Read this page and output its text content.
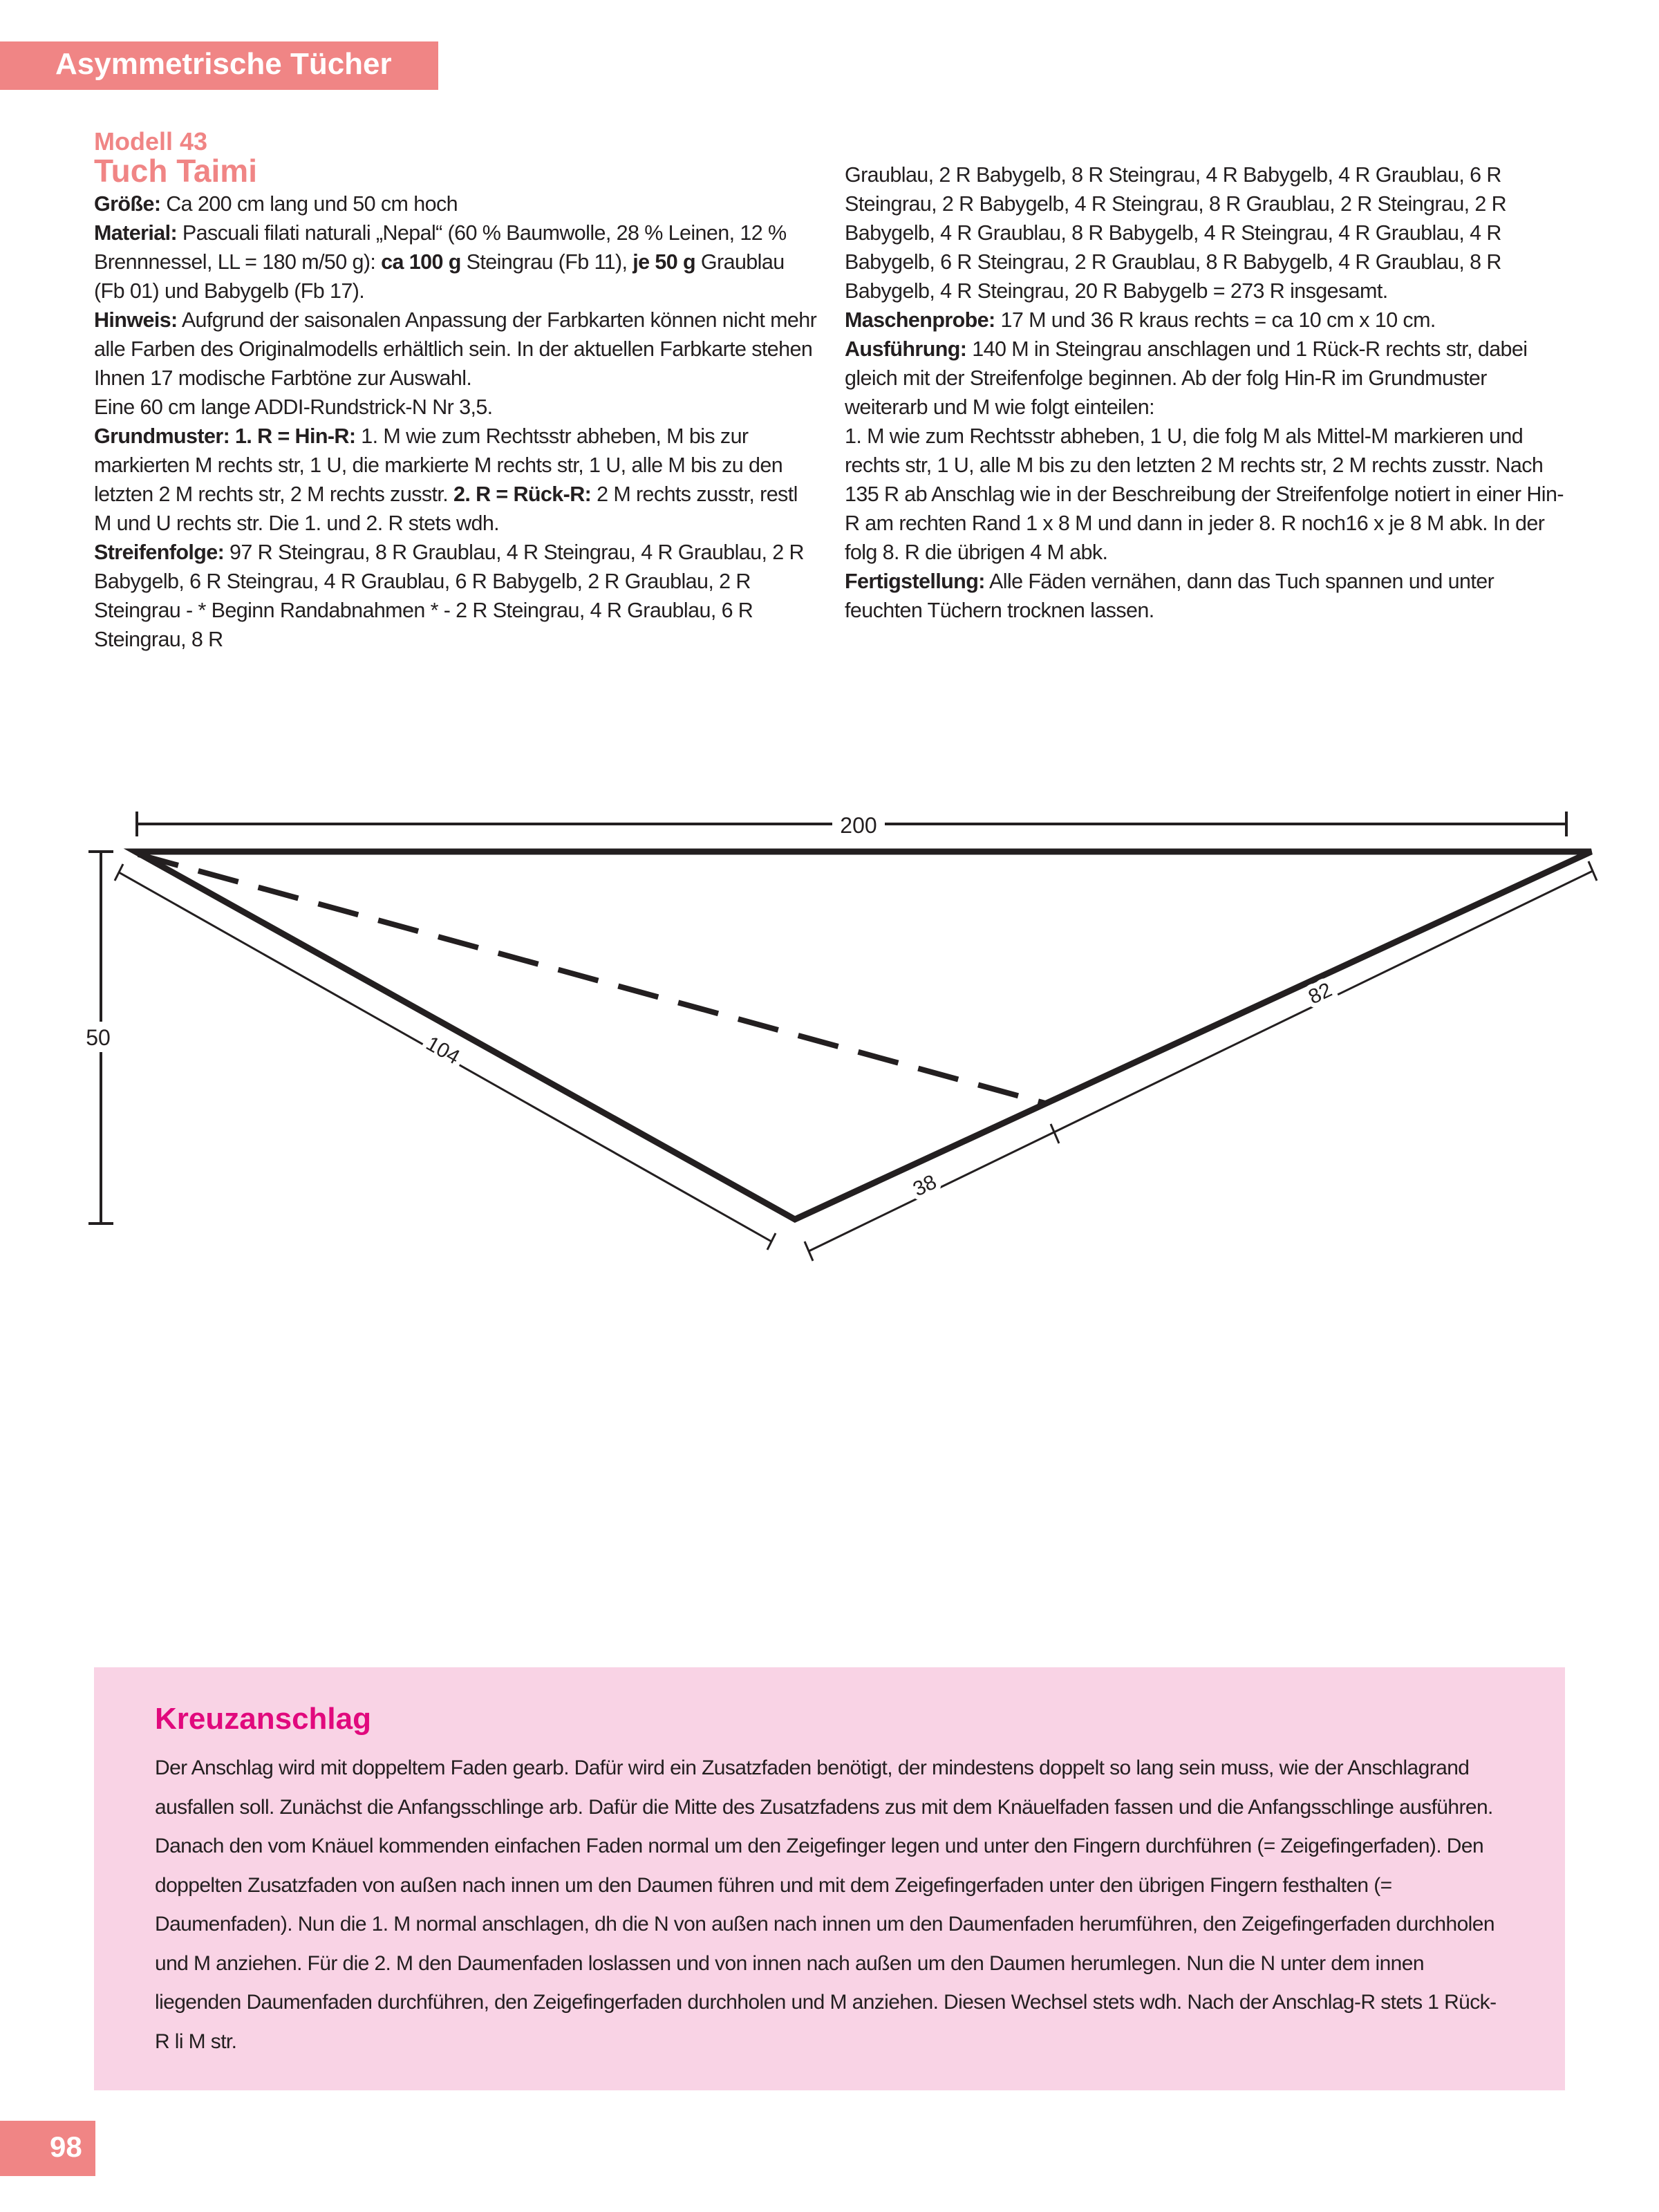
Asymmetrische Tücher

Modell 43

Tuch Taimi

Größe: Ca 200 cm lang und 50 cm hoch

Material: Pascuali filati naturali „Nepal“ (60 % Baumwolle, 28 % Leinen, 12 % Brennnessel, LL = 180 m/50 g): ca 100 g Steingrau (Fb 11), je 50 g Graublau (Fb 01) und Babygelb (Fb 17).

Hinweis: Aufgrund der saisonalen Anpassung der Farbkarten können nicht mehr alle Farben des Originalmodells erhältlich sein. In der aktuellen Farbkarte stehen Ihnen 17 modische Farbtöne zur Auswahl.

Eine 60 cm lange ADDI-Rundstrick-N Nr 3,5.

Grundmuster: 1. R = Hin-R: 1. M wie zum Rechtsstr abheben, M bis zur markierten M rechts str, 1 U, die markierte M rechts str, 1 U, alle M bis zu den letzten 2 M rechts str, 2 M rechts zusstr. 2. R = Rück-R: 2 M rechts zusstr, restl M und U rechts str. Die 1. und 2. R stets wdh.

Streifenfolge: 97 R Steingrau, 8 R Graublau, 4 R Steingrau, 4 R Graublau, 2 R Babygelb, 6 R Steingrau, 4 R Graublau, 6 R Babygelb, 2 R Graublau, 2 R Steingrau - * Beginn Randabnahmen * - 2 R Steingrau, 4 R Graublau, 6 R Steingrau, 8 R

Graublau, 2 R Babygelb, 8 R Steingrau, 4 R Babygelb, 4 R Graublau, 6 R Steingrau, 2 R Babygelb, 4 R Steingrau, 8 R Graublau, 2 R Steingrau, 2 R Babygelb, 4 R Graublau, 8 R Babygelb, 4 R Steingrau, 4 R Graublau, 4 R Babygelb, 6 R Steingrau, 2 R Graublau, 8 R Babygelb, 4 R Graublau, 8 R Babygelb, 4 R Steingrau, 20 R Babygelb = 273 R insgesamt.

Maschenprobe: 17 M und 36 R kraus rechts = ca 10 cm x 10 cm.

Ausführung: 140 M in Steingrau anschlagen und 1 Rück-R rechts str, dabei gleich mit der Streifenfolge beginnen. Ab der folg Hin-R im Grundmuster weiterarb und M wie folgt einteilen:

1. M wie zum Rechtsstr abheben, 1 U, die folg M als Mittel-M markieren und rechts str, 1 U, alle M bis zu den letzten 2 M rechts str, 2 M rechts zusstr. Nach 135 R ab Anschlag wie in der Beschreibung der Streifenfolge notiert in einer Hin-R am rechten Rand 1 x 8 M und dann in jeder 8. R noch16 x je 8 M abk. In der folg 8. R die übrigen 4 M abk.

Fertigstellung: Alle Fäden vernähen, dann das Tuch spannen und unter feuchten Tüchern trocknen lassen.

200
50	104
82
38
Kreuzanschlag

Der Anschlag wird mit doppeltem Faden gearb. Dafür wird ein Zusatzfaden benötigt, der mindestens doppelt so lang sein muss, wie der Anschlagrand ausfallen soll. Zunächst die Anfangsschlinge arb. Dafür die Mitte des Zusatzfadens zus mit dem Knäuelfaden fassen und die Anfangsschlinge ausführen. Danach den vom Knäuel kommenden einfachen Faden normal um den Zeigefinger legen und unter den Fingern durchführen (= Zeigefingerfaden). Den doppelten Zusatzfaden von außen nach innen um den Daumen führen und mit dem Zeigefingerfaden unter den übrigen Fingern festhalten (= Daumenfaden). Nun die 1. M normal anschlagen, dh die N von außen nach innen um den Daumenfaden herumführen, den Zeigefingerfaden durchholen und M anziehen. Für die 2. M den Daumenfaden loslassen und von innen nach außen um den Daumen herumlegen. Nun die N unter dem innen liegenden Daumenfaden durchführen, den Zeigefingerfaden durchholen und M anziehen. Diesen Wechsel stets wdh. Nach der Anschlag-R stets 1 Rück-R li M str.

98
